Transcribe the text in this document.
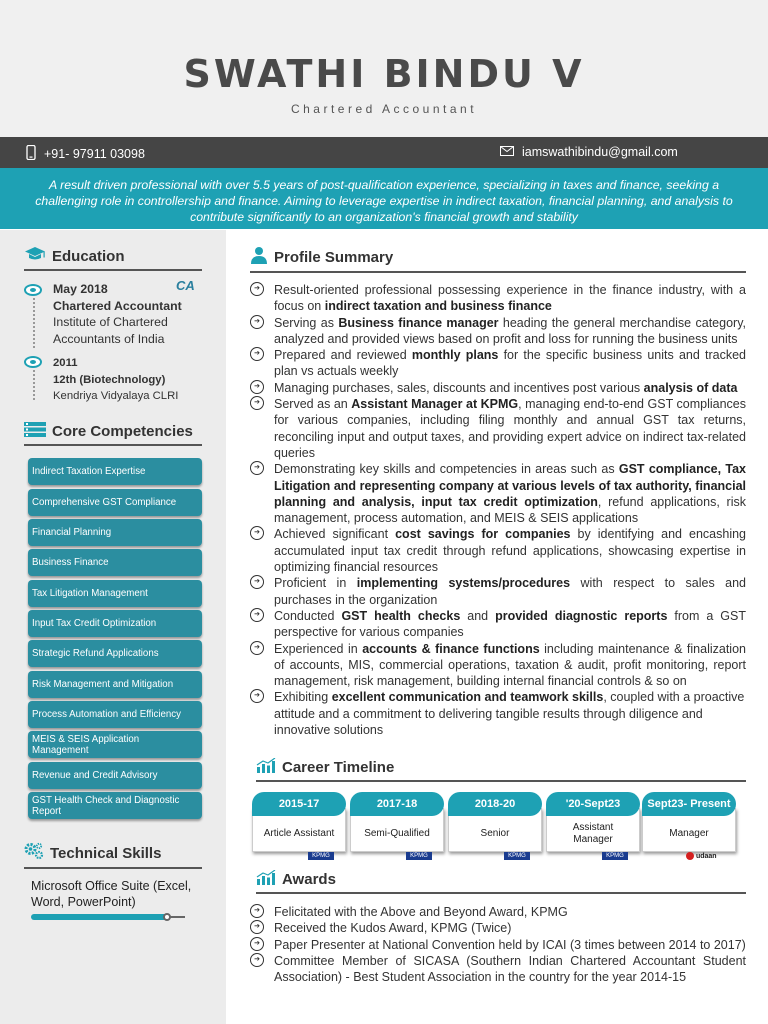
SWATHI BINDU V
Chartered Accountant
+91- 97911 03098	iamswathibindu@gmail.com
A result driven professional with over 5.5 years of post-qualification experience, specializing in taxes and finance, seeking a challenging role in controllership and finance. Aiming to leverage expertise in indirect taxation, financial planning, and analysis to contribute significantly to an organization's financial growth and stability
Education
CA
May 2018
Chartered Accountant
Institute of Chartered Accountants of India
2011
12th (Biotechnology)
Kendriya Vidyalaya CLRI
Core Competencies
Indirect Taxation Expertise
Comprehensive GST Compliance
Financial Planning
Business Finance
Tax Litigation Management
Input Tax Credit Optimization
Strategic Refund Applications
Risk Management and Mitigation
Process Automation and Efficiency
MEIS & SEIS Application Management
Revenue and Credit Advisory
GST Health Check and Diagnostic Report
Technical Skills
Microsoft Office Suite (Excel, Word, PowerPoint)
Profile Summary
➔ Result-oriented professional possessing experience in the finance industry, with a focus on indirect taxation and business finance
➔ Serving as Business finance manager heading the general merchandise category, analyzed and provided views based on profit and loss for running the business units
➔ Prepared and reviewed monthly plans for the specific business units and tracked plan vs actuals weekly
➔ Managing purchases, sales, discounts and incentives post various analysis of data
➔ Served as an Assistant Manager at KPMG, managing end-to-end GST compliances for various companies, including filing monthly and annual GST tax returns, reconciling input and output taxes, and providing expert advice on indirect tax-related queries
➔ Demonstrating key skills and competencies in areas such as GST compliance, Tax Litigation and representing company at various levels of tax authority, financial planning and analysis, input tax credit optimization, refund applications, risk management, process automation, and MEIS & SEIS applications
➔ Achieved significant cost savings for companies by identifying and encashing accumulated input tax credit through refund applications, showcasing expertise in optimizing financial resources
➔ Proficient in implementing systems/procedures with respect to sales and purchases in the organization
➔ Conducted GST health checks and provided diagnostic reports from a GST perspective for various companies
➔ Experienced in accounts & finance functions including maintenance & finalization of accounts, MIS, commercial operations, taxation & audit, profit monitoring, report management, risk management, building internal financial controls & so on
➔ Exhibiting excellent communication and teamwork skills, coupled with a proactive attitude and a commitment to delivering tangible results through diligence and innovative solutions
Career Timeline
Article Assistant
2015-17
KPMG
Semi-Qualified
2017-18
KPMG
Senior
2018-20
KPMG
Assistant Manager
'20-Sept23
KPMG
Manager
Sept23- Present
udaan
Awards
➔ Felicitated with the Above and Beyond Award, KPMG
➔ Received the Kudos Award, KPMG (Twice)
➔ Paper Presenter at National Convention held by ICAI (3 times between 2014 to 2017)
➔ Committee Member of SICASA (Southern Indian Chartered Accountant Student Association) - Best Student Association in the country for the year 2014-15
